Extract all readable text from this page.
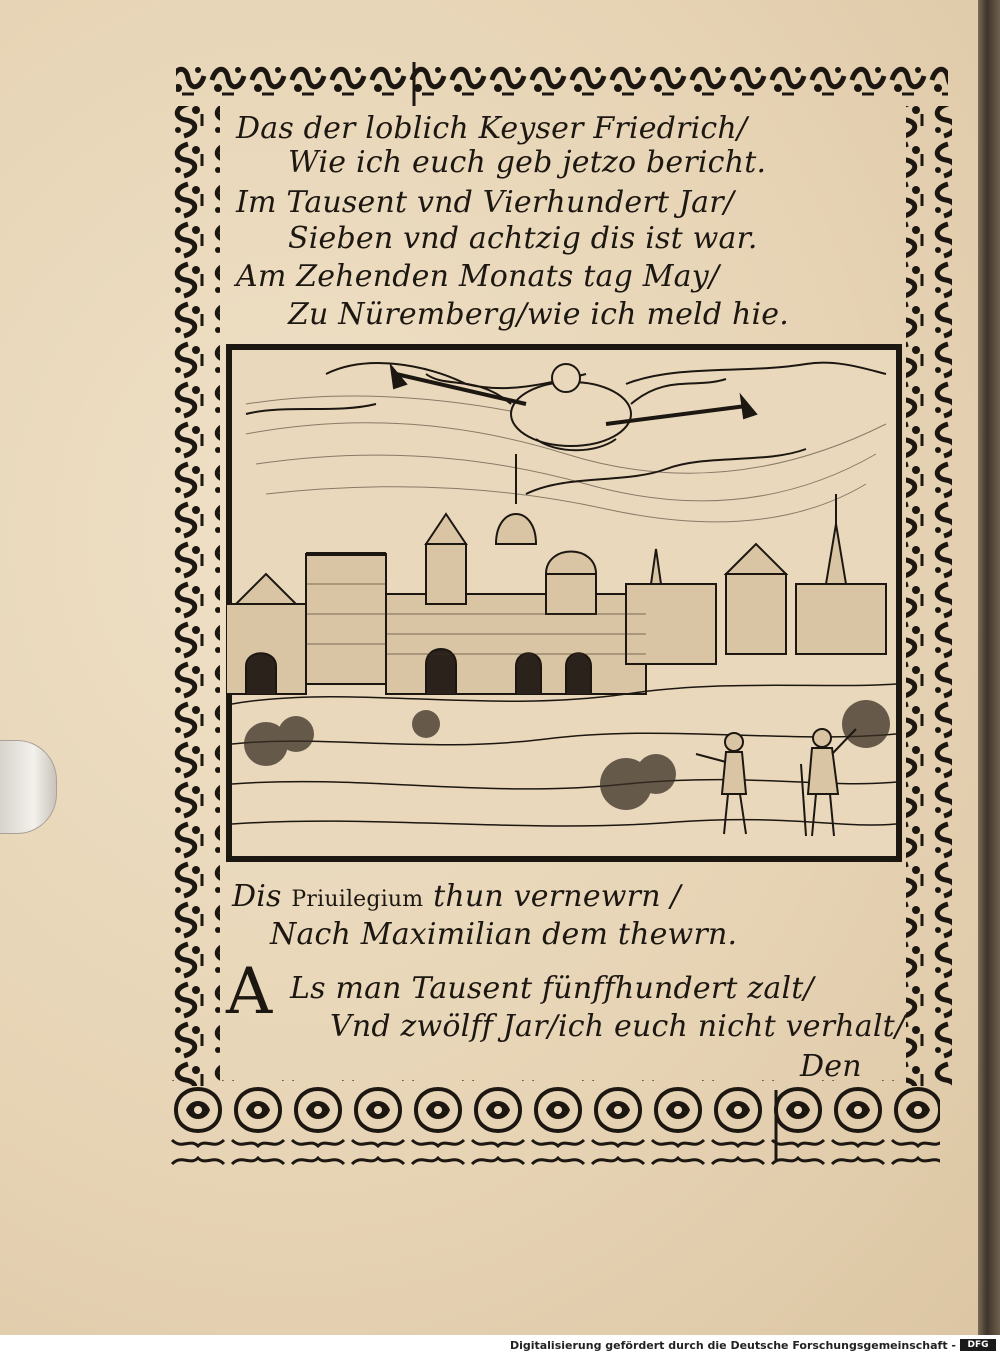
Das der loblich Keyser Friedrich/
Wie ich euch geb jetzo bericht.
Im Tausent vnd Vierhundert Jar/
Sieben vnd achtzig dis ist war.
Am Zehenden Monats tag May/
Zu Nüremberg/wie ich meld hie.
Dis Priuilegium thun vernewrn /
Nach Maximilian dem thewrn.
A Ls man Tausent fünffhundert zalt/
Vnd zwölff Jar/ich euch nicht verhalt/
Den
Digitalisierung gefördert durch die Deutsche Forschungsgemeinschaft -	DFG
